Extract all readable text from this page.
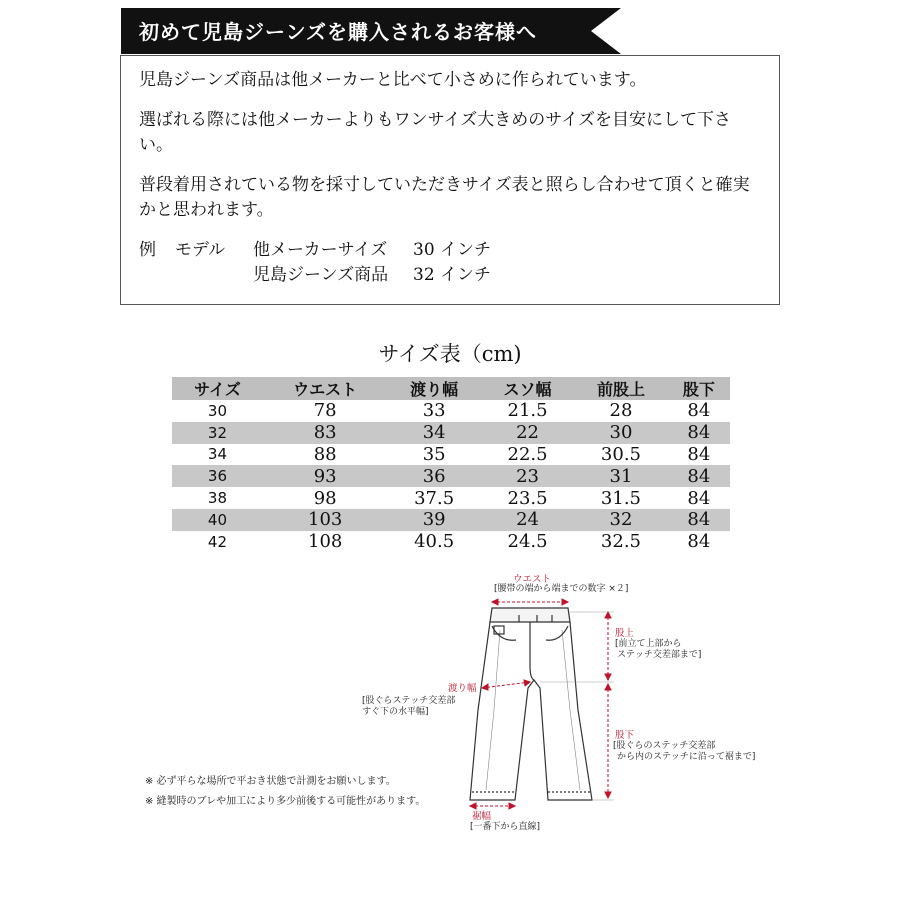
初めて児島ジーンズを購入されるお客様へ

児島ジーンズ商品は他メーカーと比べて小さめに作られています。

選ばれる際には他メーカーよりもワンサイズ大きめのサイズを目安にして下さい。

普段着用されている物を採寸していただきサイズ表と照らし合わせて頂くと確実かと思われます。

例	モデル	他メーカーサイズ	30 インチ
児島ジーンズ商品	32 インチ
サイズ表（cm)
サイズ	ウエスト	渡り幅	スソ幅	前股上	股下
30	78	33	21.5	28	84
32	83	34	22	30	84
34	88	35	22.5	30.5	84
36	93	36	23	31	84
38	98	37.5	23.5	31.5	84
40	103	39	24	32	84
42	108	40.5	24.5	32.5	84
ウエスト
[腰帯の端から端までの数字 ×２]
股上
[前立て上部から
ステッチ交差部まで]
渡り幅
[股ぐらステッチ交差部
すぐ下の水平幅]
股下
[股ぐらのステッチ交差部
から内のステッチに沿って裾まで]
裾幅
[一番下から直線]
※ 必ず平らな場所で平おき状態で計測をお願いします。
※ 縫製時のブレや加工により多少前後する可能性があります。
